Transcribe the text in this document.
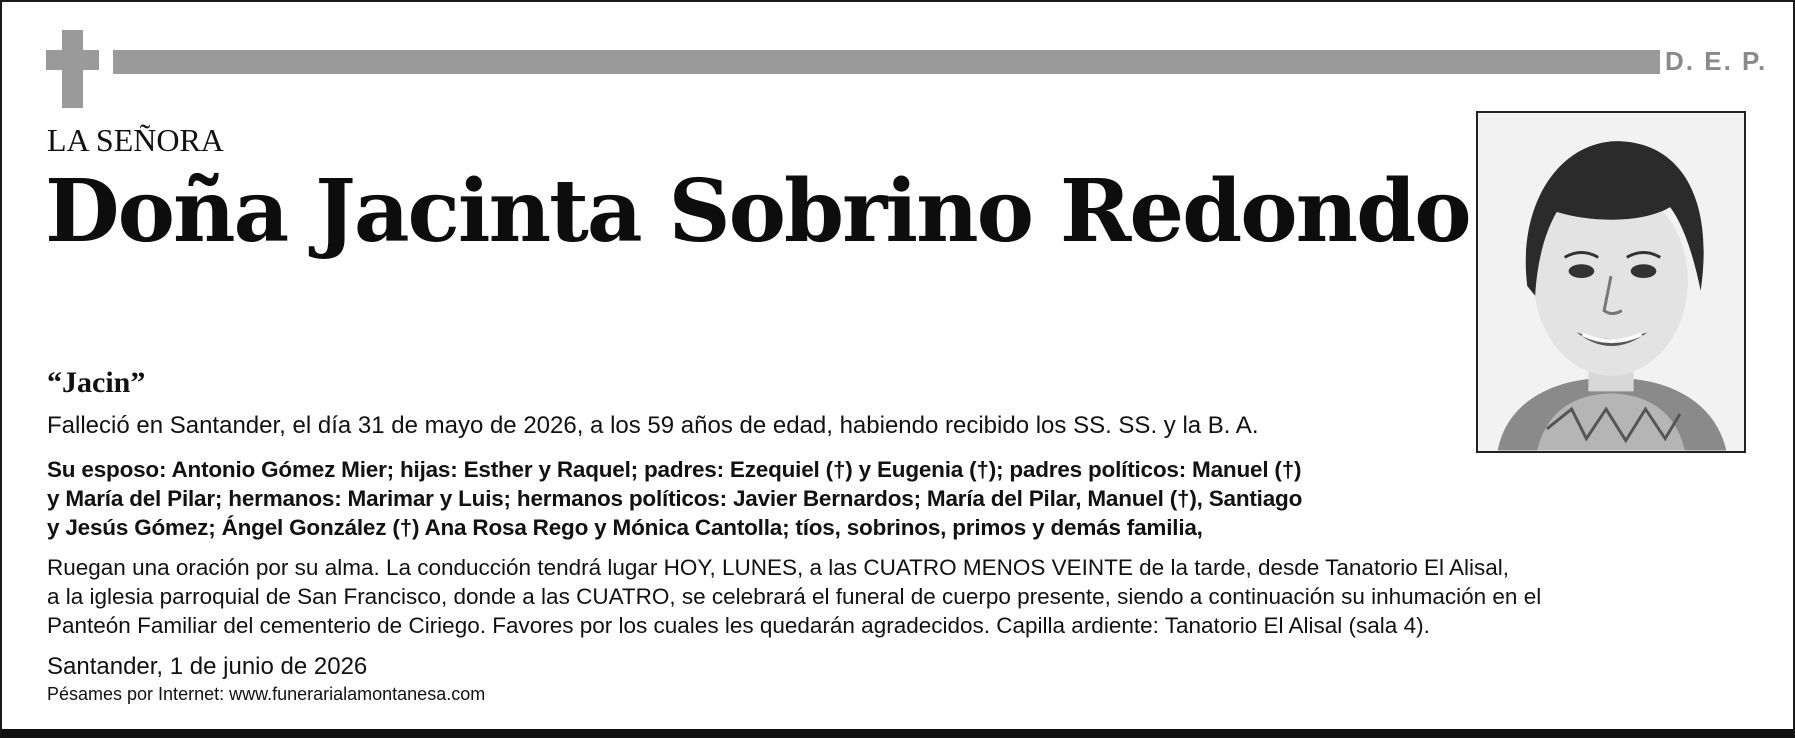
D. E. P.
LA SEÑORA
Doña Jacinta Sobrino Redondo
“Jacin”
Falleció en Santander, el día 31 de mayo de 2026, a los 59 años de edad, habiendo recibido los SS. SS. y la B. A.
Su esposo: Antonio Gómez Mier; hijas: Esther y Raquel; padres: Ezequiel (†) y Eugenia (†); padres políticos: Manuel (†)
y María del Pilar; hermanos: Marimar y Luis; hermanos políticos: Javier Bernardos; María del Pilar, Manuel (†), Santiago
y Jesús Gómez; Ángel González (†) Ana Rosa Rego y Mónica Cantolla; tíos, sobrinos, primos y demás familia,
Ruegan una oración por su alma. La conducción tendrá lugar HOY, LUNES, a las CUATRO MENOS VEINTE de la tarde, desde Tanatorio El Alisal,
a la iglesia parroquial de San Francisco, donde a las CUATRO, se celebrará el funeral de cuerpo presente, siendo a continuación su inhumación en el
Panteón Familiar del cementerio de Ciriego. Favores por los cuales les quedarán agradecidos. Capilla ardiente: Tanatorio El Alisal (sala 4).
Santander, 1 de junio de 2026
Pésames por Internet: www.funerarialamontanesa.com
